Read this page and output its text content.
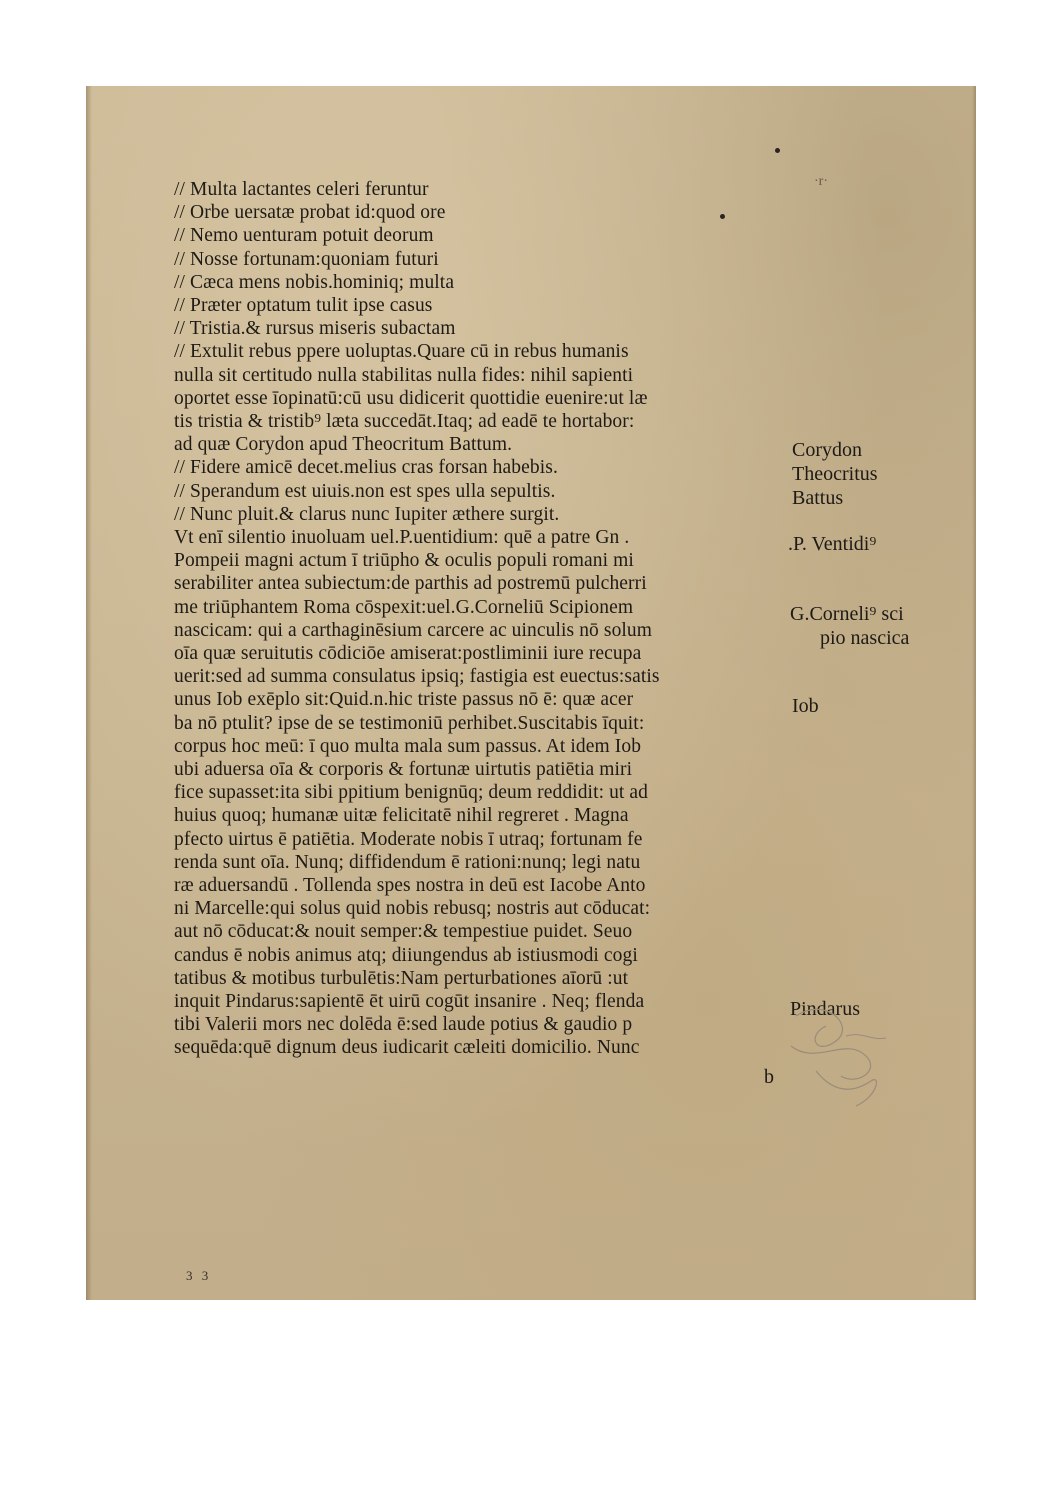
·r·
// Multa lactantes celeri feruntur
// Orbe uersatæ probat id:quod ore
// Nemo uenturam potuit deorum
// Nosse fortunam:quoniam futuri
// Cæca mens nobis.hominiq; multa
// Præter optatum tulit ipse casus
// Tristia.& rursus miseris subactam
// Extulit rebus ppere uoluptas.Quare cū in rebus humanis
nulla sit certitudo nulla stabilitas nulla fides: nihil sapienti
oportet esse īopinatū:cū usu didicerit quottidie euenire:ut læ
tis tristia & tristib⁹ læta succedāt.Itaq; ad eadē te hortabor:
ad quæ Corydon apud Theocritum Battum.
// Fidere amicē decet.melius cras forsan habebis.
// Sperandum est uiuis.non est spes ulla sepultis.
// Nunc pluit.& clarus nunc Iupiter æthere surgit.
Vt enī silentio inuoluam uel.P.uentidium: quē a patre Gn .
Pompeii magni actum ī triūpho & oculis populi romani mi
serabiliter antea subiectum:de parthis ad postremū pulcherri
me triūphantem Roma cōspexit:uel.G.Corneliū Scipionem
nascicam: qui a carthaginēsium carcere ac uinculis nō solum
oīa quæ seruitutis cōdiciōe amiserat:postliminii iure recupa
uerit:sed ad summa consulatus ipsiq; fastigia est euectus:satis
unus Iob exēplo sit:Quid.n.hic triste passus nō ē: quæ acer
ba nō ptulit? ipse de se testimoniū perhibet.Suscitabis īquit:
corpus hoc meū: ī quo multa mala sum passus. At idem Iob
ubi aduersa oīa & corporis & fortunæ uirtutis patiētia miri
fice supasset:ita sibi ppitium benignūq; deum reddidit: ut ad
huius quoq; humanæ uitæ felicitatē nihil regreret . Magna
pfecto uirtus ē patiētia. Moderate nobis ī utraq; fortunam fe
renda sunt oīa. Nunq; diffidendum ē rationi:nunq; legi natu
ræ aduersandū . Tollenda spes nostra in deū est Iacobe Anto
ni Marcelle:qui solus quid nobis rebusq; nostris aut cōducat:
aut nō cōducat:& nouit semper:& tempestiue puidet. Seuo
candus ē nobis animus atq; diiungendus ab istiusmodi cogi
tatibus & motibus turbulētis:Nam perturbationes aīorū :ut
inquit Pindarus:sapientē ēt uirū cogūt insanire . Neq; flenda
tibi Valerii mors nec dolēda ē:sed laude potius & gaudio p
sequēda:quē dignum deus iudicarit cæleiti domicilio. Nunc
Corydon
Theocritus
Battus
.P. Ventidi⁹
G.Corneli⁹ sci
pio nascica
Iob
Pindarus
b
3 3
